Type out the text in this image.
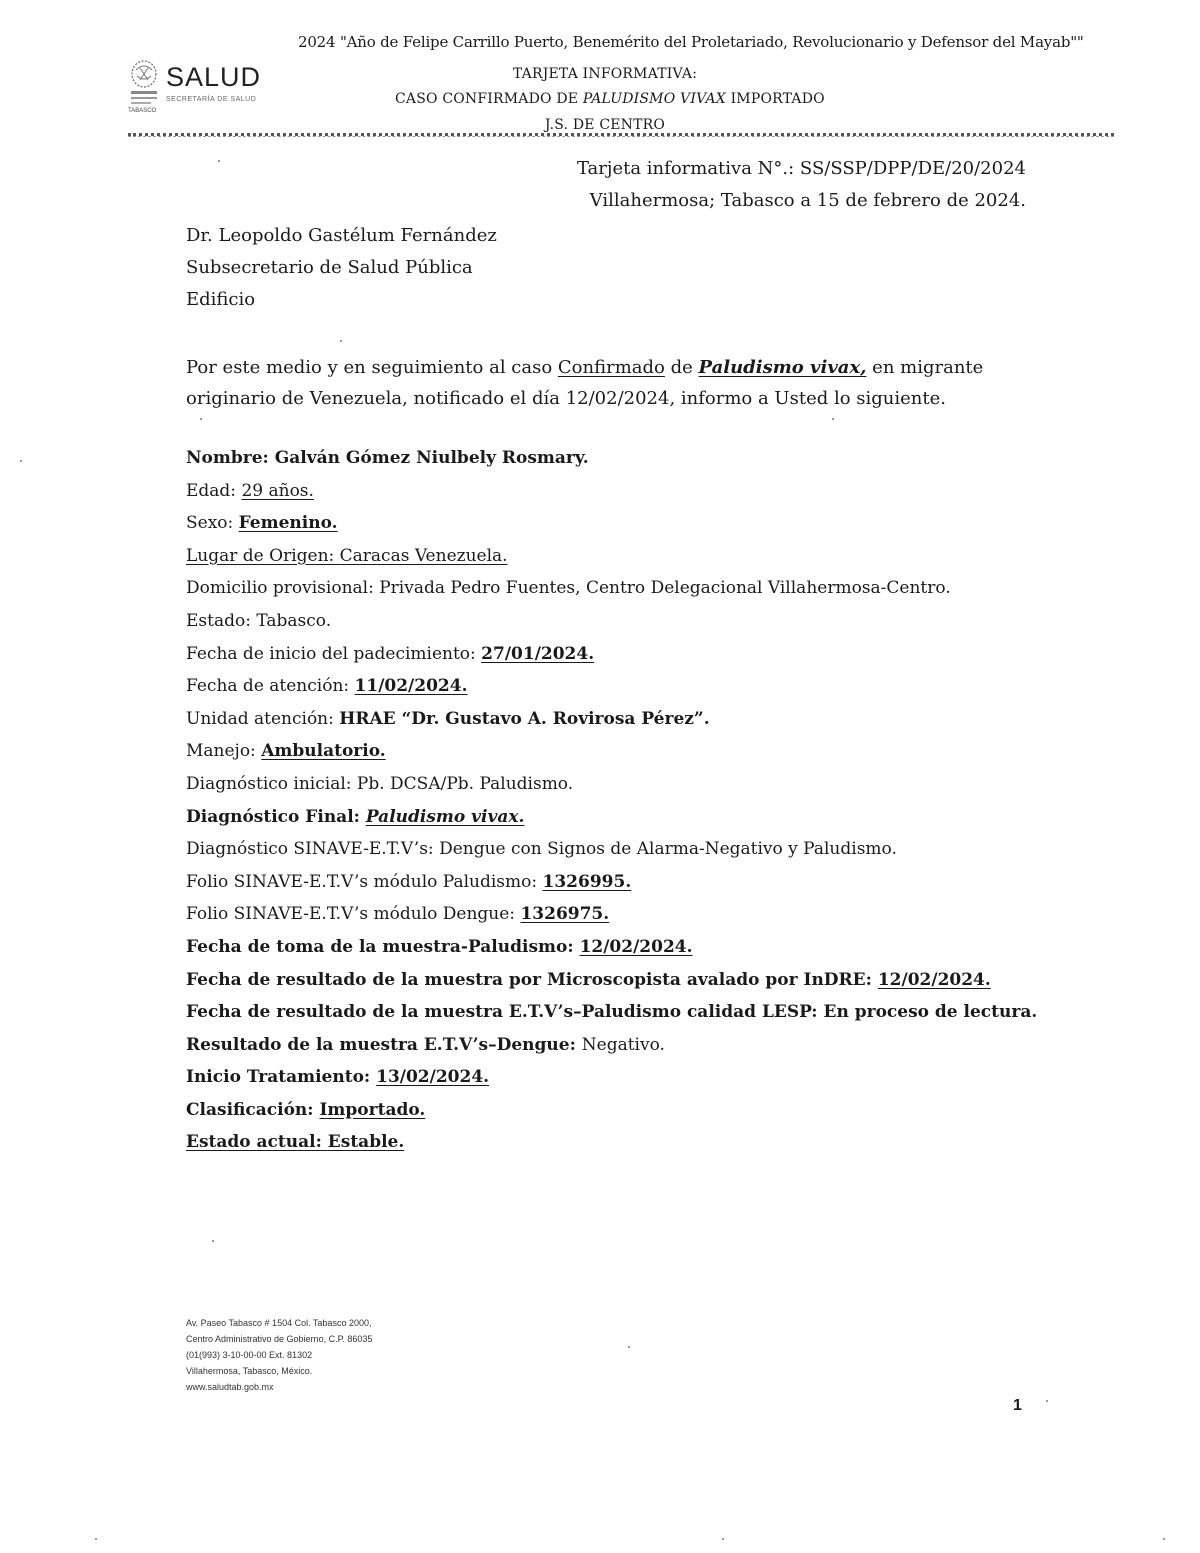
2024 "Año de Felipe Carrillo Puerto, Benemérito del Proletariado, Revolucionario y Defensor del Mayab""
SALUD
SECRETARÍA DE SALUD
TABASCO
TARJETA INFORMATIVA:
CASO CONFIRMADO DE PALUDISMO VIVAX IMPORTADO
J.S. DE CENTRO
Tarjeta informativa N°.: SS/SSP/DPP/DE/20/2024
Villahermosa; Tabasco a 15 de febrero de 2024.
Dr. Leopoldo Gastélum Fernández
Subsecretario de Salud Pública
Edificio
Por este medio y en seguimiento al caso Confirmado de Paludismo vivax, en migrante originario de Venezuela, notificado el día 12/02/2024, informo a Usted lo siguiente.
Nombre: Galván Gómez Niulbely Rosmary.
Edad: 29 años.
Sexo: Femenino.
Lugar de Origen: Caracas Venezuela.
Domicilio provisional: Privada Pedro Fuentes, Centro Delegacional Villahermosa-Centro.
Estado: Tabasco.
Fecha de inicio del padecimiento: 27/01/2024.
Fecha de atención: 11/02/2024.
Unidad atención: HRAE “Dr. Gustavo A. Rovirosa Pérez”.
Manejo: Ambulatorio.
Diagnóstico inicial: Pb. DCSA/Pb. Paludismo.
Diagnóstico Final: Paludismo vivax.
Diagnóstico SINAVE-E.T.V’s: Dengue con Signos de Alarma-Negativo y Paludismo.
Folio SINAVE-E.T.V’s módulo Paludismo: 1326995.
Folio SINAVE-E.T.V’s módulo Dengue: 1326975.
Fecha de toma de la muestra-Paludismo: 12/02/2024.
Fecha de resultado de la muestra por Microscopista avalado por InDRE: 12/02/2024.
Fecha de resultado de la muestra E.T.V’s–Paludismo calidad LESP: En proceso de lectura.
Resultado de la muestra E.T.V’s–Dengue: Negativo.
Inicio Tratamiento: 13/02/2024.
Clasificación: Importado.
Estado actual: Estable.
Av. Paseo Tabasco # 1504 Col. Tabasco 2000,
Centro Administrativo de Gobierno, C.P. 86035
(01(993) 3-10-00-00 Ext. 81302
Villahermosa, Tabasco, México.
www.saludtab.gob.mx
1
